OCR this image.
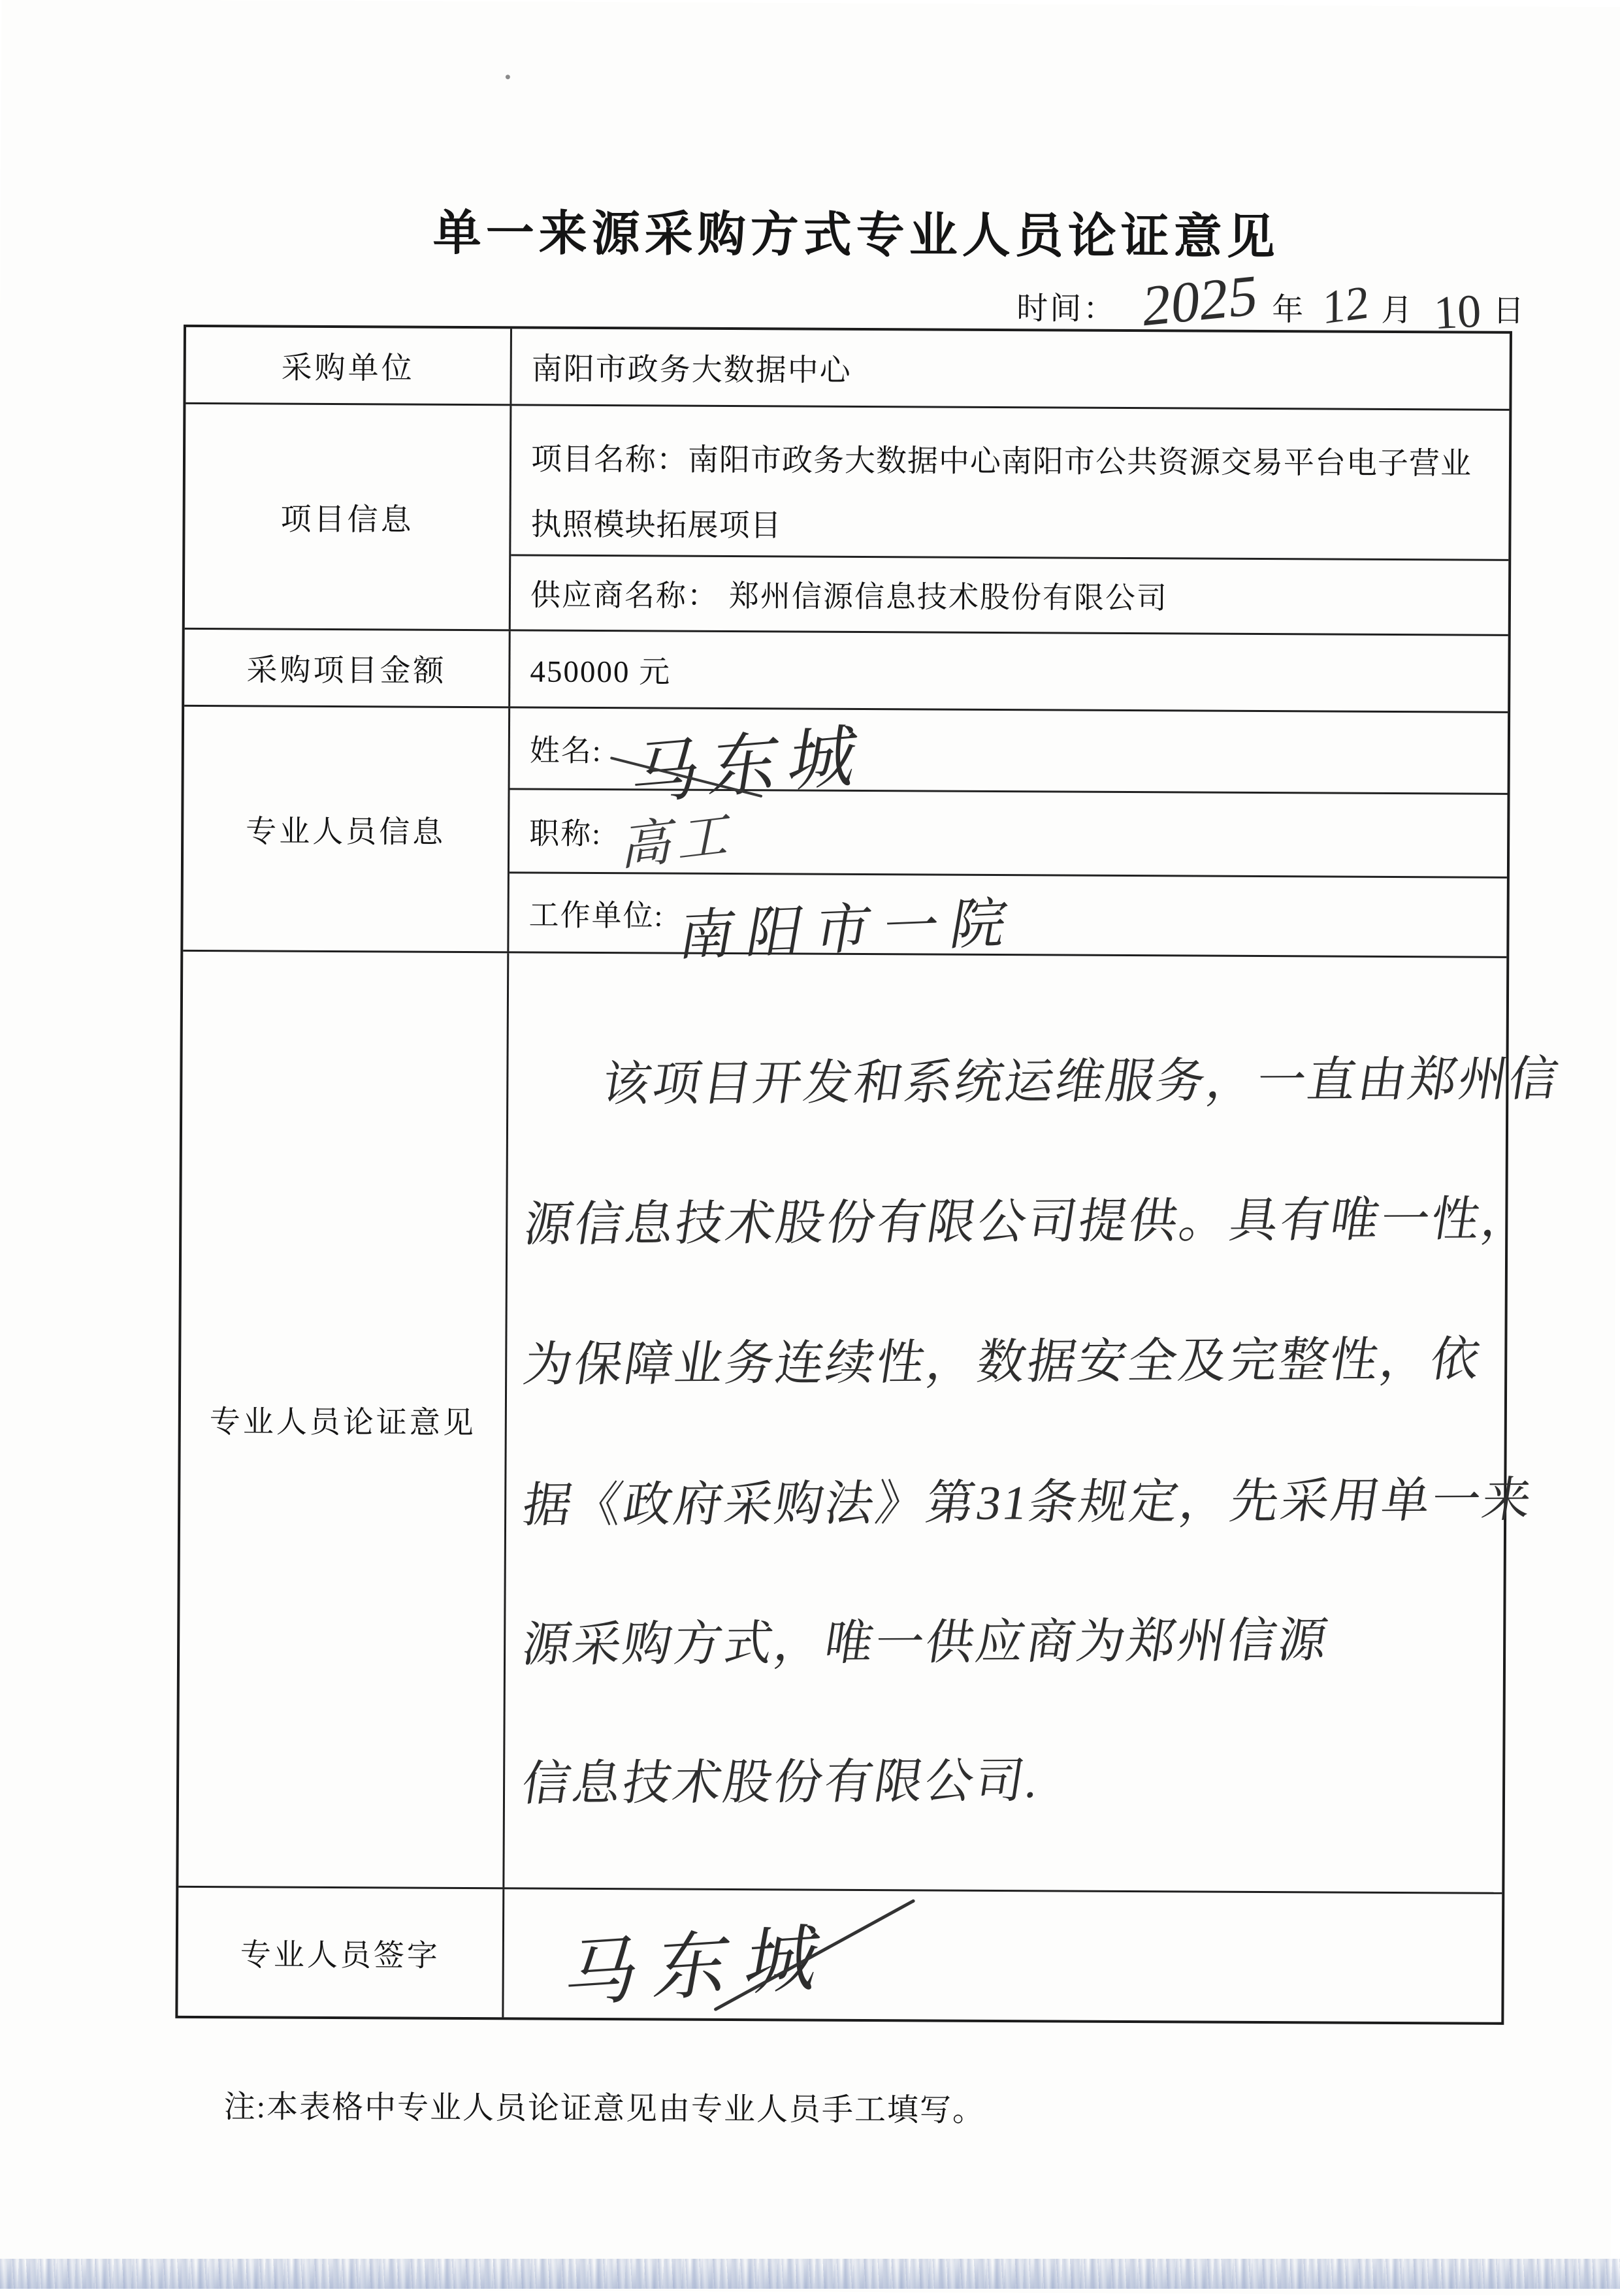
单一来源采购方式专业人员论证意见
时间： 2025 年 12 月 10 日
采购单位	南阳市政务大数据中心
项目信息
项目名称：南阳市政务大数据中心南阳市公共资源交易平台电子营业
执照模块拓展项目
供应商名称： 郑州信源信息技术股份有限公司
采购项目金额	450000 元
专业人员信息
姓名: 马东城
职称: 高工
工作单位: 南阳市一院
专业人员论证意见
该项目开发和系统运维服务，一直由郑州信
源信息技术股份有限公司提供。具有唯一性，
为保障业务连续性，数据安全及完整性，依
据《政府采购法》第31条规定，先采用单一来
源采购方式，唯一供应商为郑州信源
信息技术股份有限公司.
专业人员签字	马东城
注:本表格中专业人员论证意见由专业人员手工填写。
